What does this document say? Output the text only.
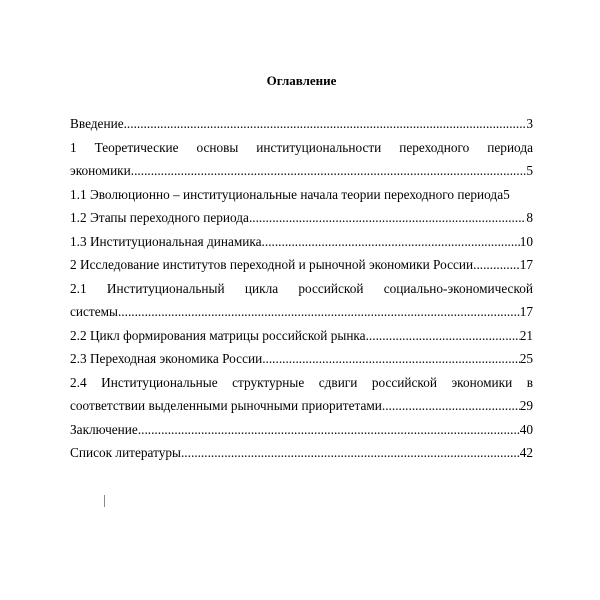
Оглавление
Введение .....	3
1 Теоретические основы институциональности переходного периода
экономики .....	5
1.1 Эволюционно – институциональные начала теории переходного периода 5
1.2 Этапы переходного периода .....	8
1.3 Институциональная динамика .....	10
2 Исследование институтов переходной и рыночной экономики России .....	17
2.1 Институциональный цикла российской социально-экономической
системы .....	17
2.2 Цикл формирования матрицы российской рынка .....	21
2.3 Переходная экономика России .....	25
2.4 Институциональные структурные сдвиги российской экономики в
соответствии выделенными рыночными приоритетами .....	29
Заключение .....	40
Список литературы .....	42
